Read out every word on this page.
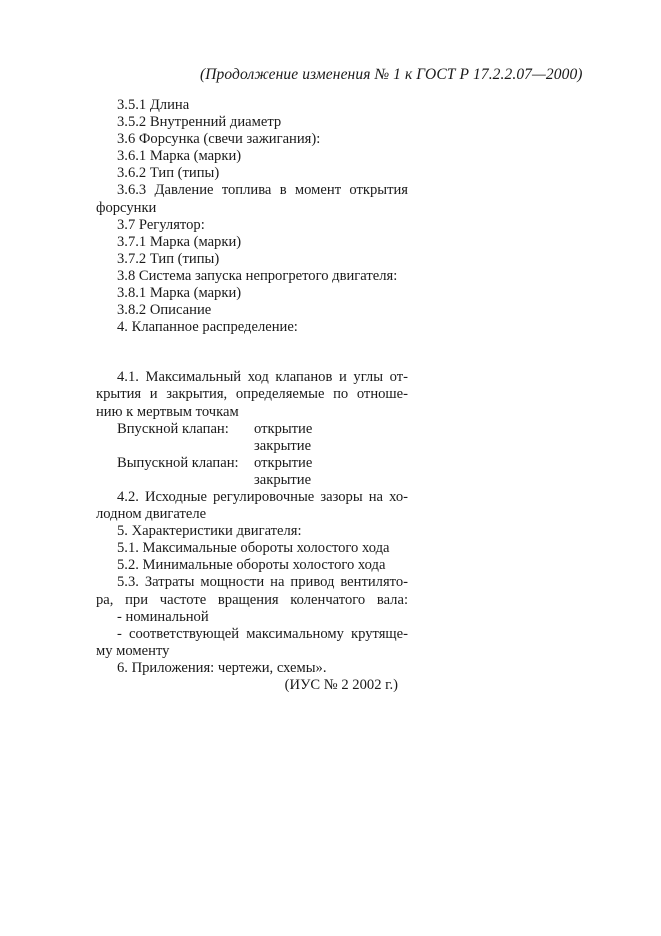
(Продолжение изменения № 1 к ГОСТ Р 17.2.2.07—2000)
3.5.1 Длина
3.5.2 Внутренний диаметр
3.6 Форсунка (свечи зажигания):
3.6.1 Марка (марки)
3.6.2 Тип (типы)
3.6.3 Давление топлива в момент открытия
форсунки
3.7 Регулятор:
3.7.1 Марка (марки)
3.7.2 Тип (типы)
3.8 Система запуска непрогретого двигателя:
3.8.1 Марка (марки)
3.8.2 Описание
4. Клапанное распределение:
4.1. Максимальный ход клапанов и углы от-
крытия и закрытия, определяемые по отноше-
нию к мертвым точкам
Впускной клапан: открытие
закрытие
Выпускной клапан: открытие
закрытие
4.2. Исходные регулировочные зазоры на хо-
лодном двигателе
5. Характеристики двигателя:
5.1. Максимальные обороты холостого хода
5.2. Минимальные обороты холостого хода
5.3. Затраты мощности на привод вентилято-
ра, при частоте вращения коленчатого вала:
- номинальной
- соответствующей максимальному крутяще-
му моменту
6. Приложения: чертежи, схемы».
(ИУС № 2 2002 г.)
